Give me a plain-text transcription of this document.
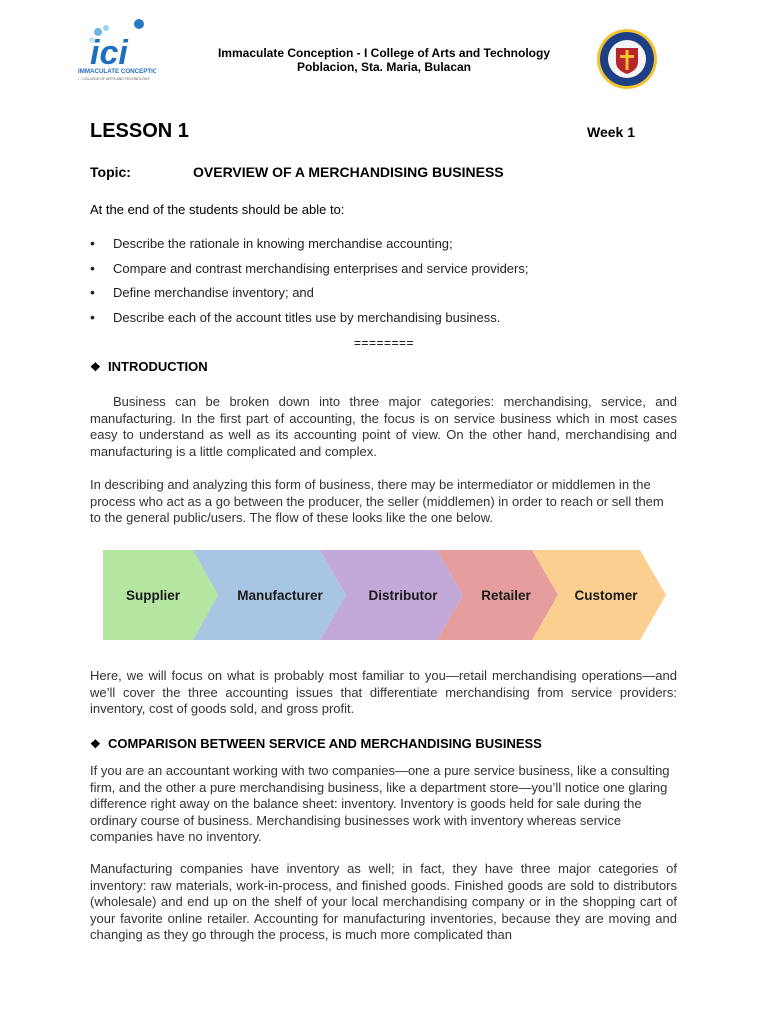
ici
IMMACULATE CONCEPTION
I - COLLEGE OF ARTS AND TECHNOLOGY
Immaculate Conception - I College of Arts and Technology
Poblacion, Sta. Maria, Bulacan
LESSON 1	Week 1
Topic:	OVERVIEW OF A MERCHANDISING BUSINESS
At the end of the students should be able to:
• Describe the rationale in knowing merchandise accounting;
• Compare and contrast merchandising enterprises and service providers;
• Define merchandise inventory; and
• Describe each of the account titles use by merchandising business.
========
❖ INTRODUCTION

Business can be broken down into three major categories: merchandising, service, and manufacturing. In the first part of accounting, the focus is on service business which in most cases easy to understand as well as its accounting point of view. On the other hand, merchandising and manufacturing is a little complicated and complex.

In describing and analyzing this form of business, there may be intermediator or middlemen in the process who act as a go between the producer, the seller (middlemen) in order to reach or sell them to the general public/users. The flow of these looks like the one below.

Supplier	Manufacturer	Distributor	Retailer	Customer

Here, we will focus on what is probably most familiar to you—retail merchandising operations—and we’ll cover the three accounting issues that differentiate merchandising from service providers: inventory, cost of goods sold, and gross profit.

❖ COMPARISON BETWEEN SERVICE AND MERCHANDISING BUSINESS

If you are an accountant working with two companies—one a pure service business, like a consulting firm, and the other a pure merchandising business, like a department store—you’ll notice one glaring difference right away on the balance sheet: inventory. Inventory is goods held for sale during the ordinary course of business. Merchandising businesses work with inventory whereas service companies have no inventory.

Manufacturing companies have inventory as well; in fact, they have three major categories of inventory: raw materials, work-in-process, and finished goods. Finished goods are sold to distributors (wholesale) and end up on the shelf of your local merchandising company or in the shopping cart of your favorite online retailer. Accounting for manufacturing inventories, because they are moving and changing as they go through the process, is much more complicated than
